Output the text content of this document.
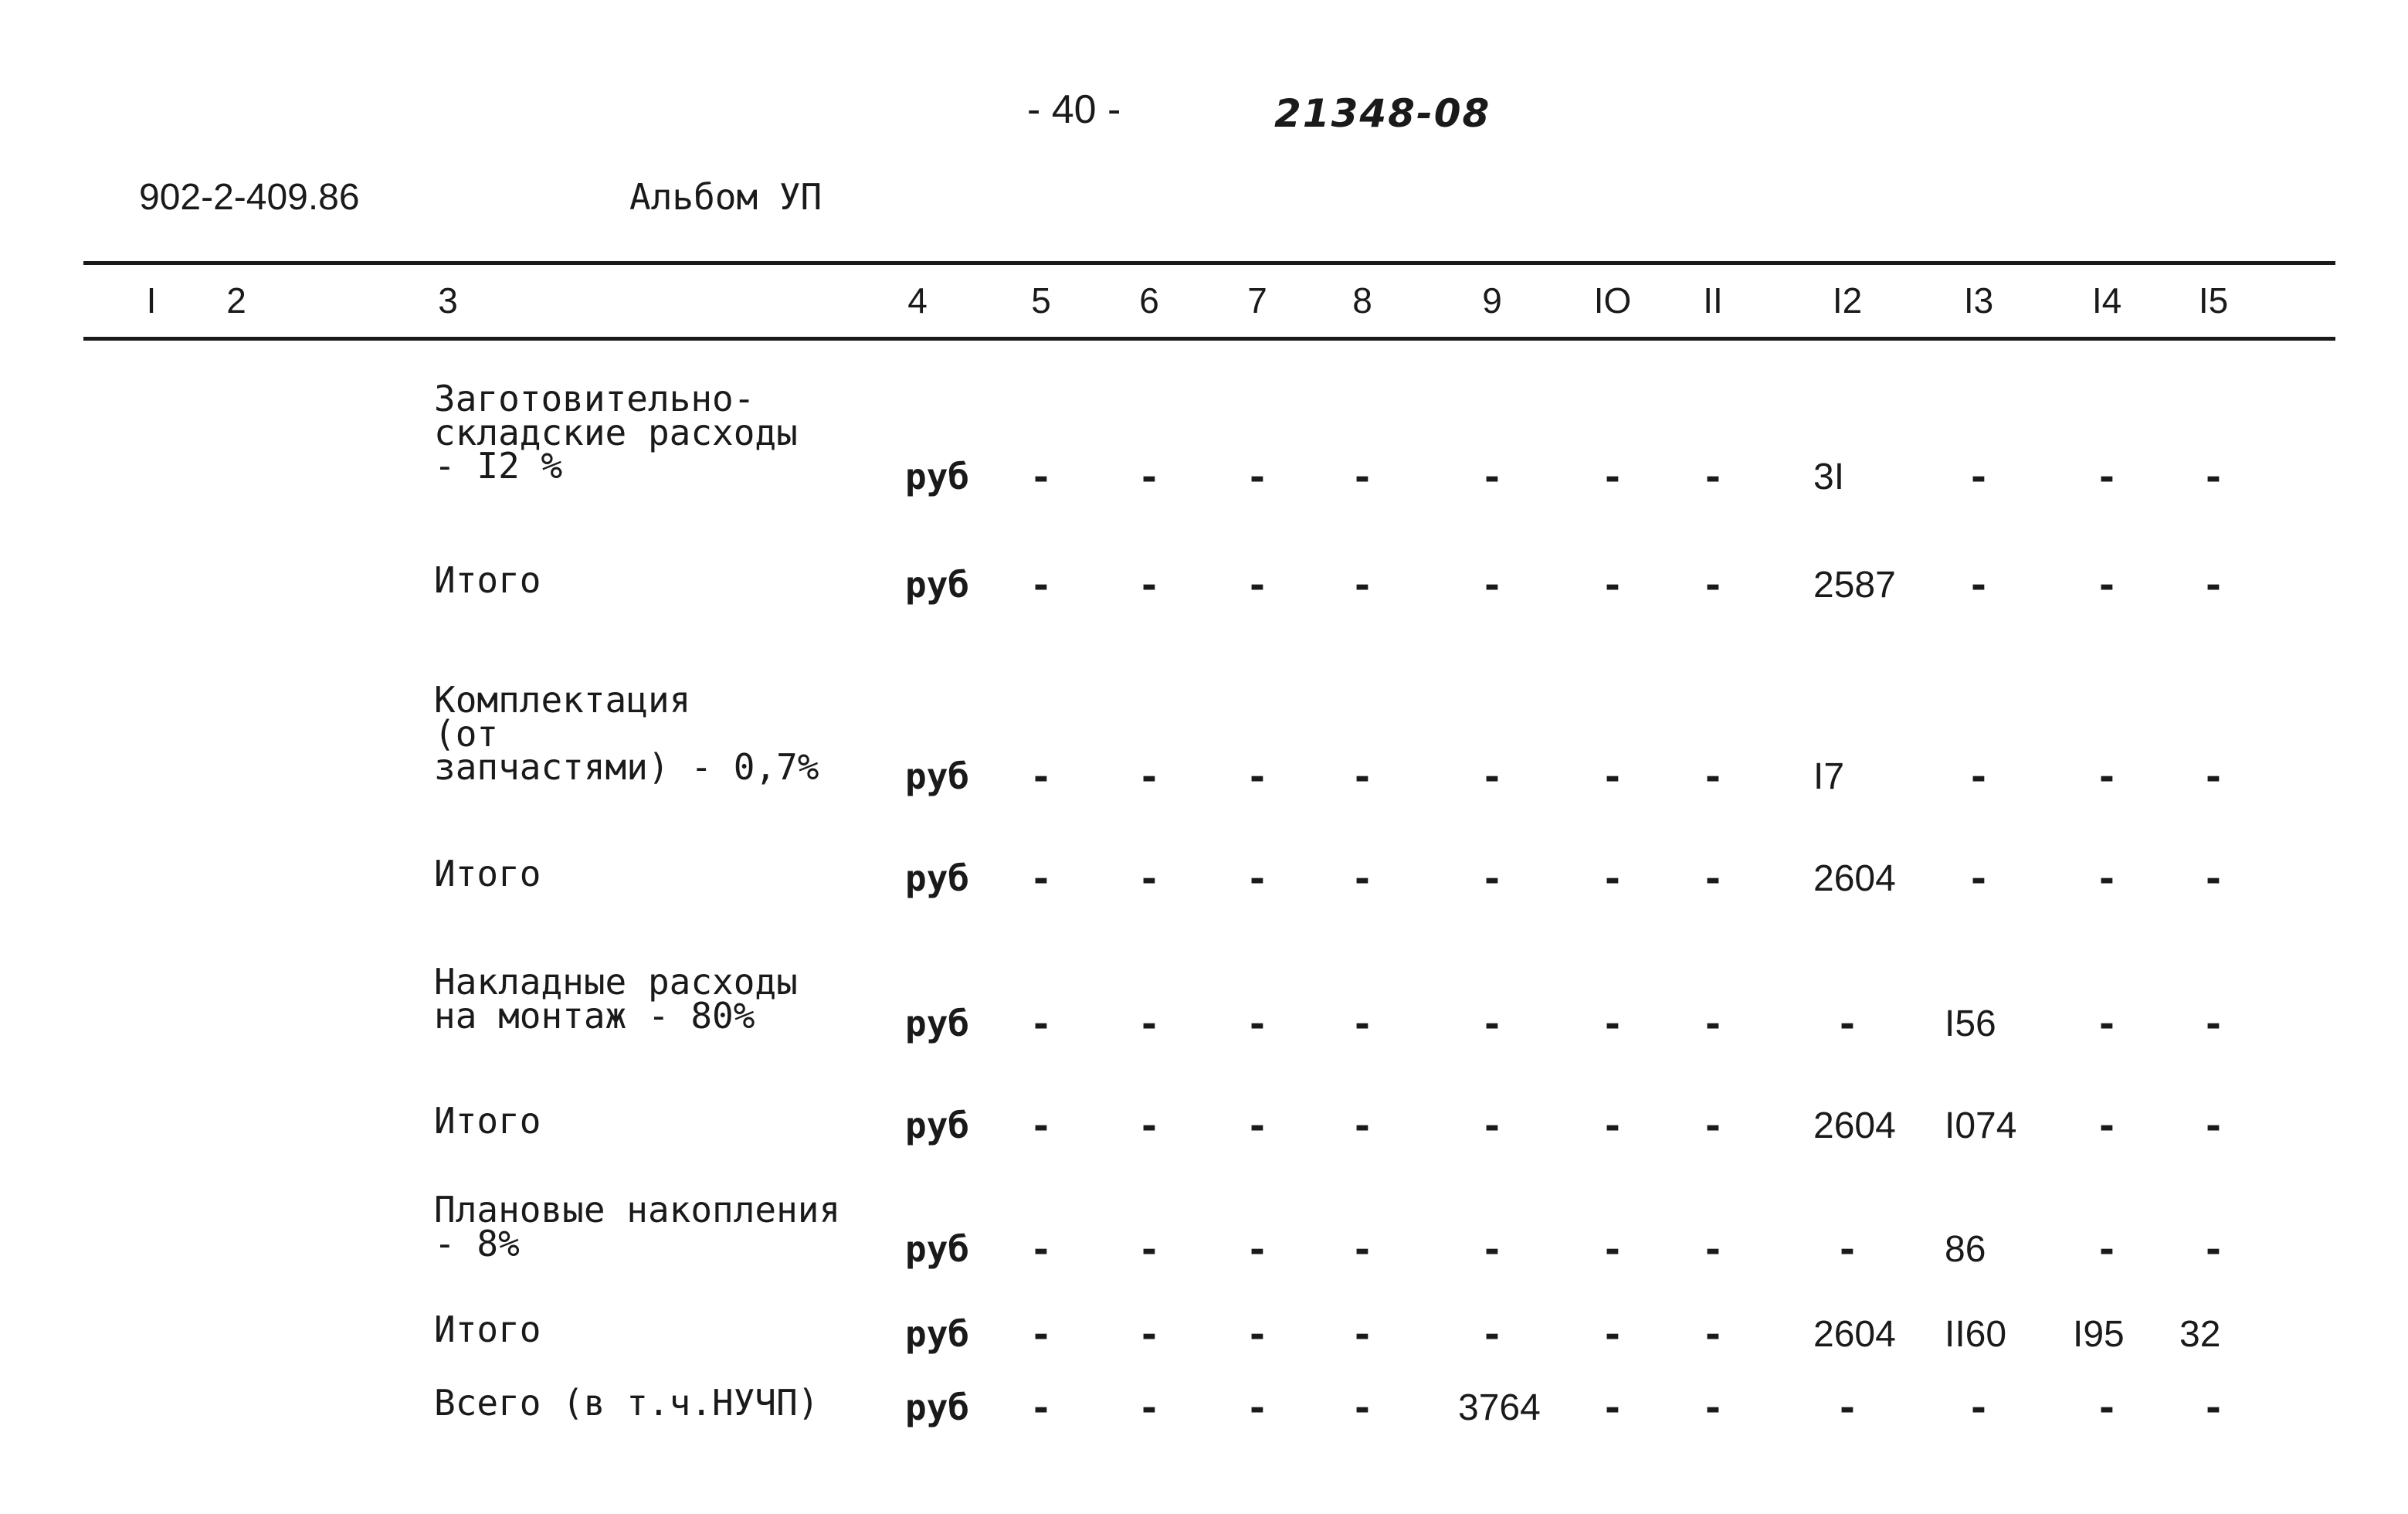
- 40 -	21348-08
902-2-409.86	Альбом УП
I 2	3	4	5 6 7 8	9	IO II	I2	I3	I4 I5
Заготовительно-
складские расходы
- I2 %	руб - - - -	-	- - 3I	-	- -
Итого	руб - - - -	-	- - 2587 -	- -
Комплектация
(от
запчастями) - 0,7% руб - - - -	-	- - I7	-	- -
Итого	руб - - - -	-	- - 2604 -	- -
Накладные расходы
на монтаж - 80%	руб - - - -	-	- -	- I56	- -
Итого	руб - - - -	-	- - 2604 I074 - -
Плановые накопления
- 8%	руб - - - -	-	- -	- 86	- -
Итого	руб - - - -	-	- - 2604 II60 I95 32
Всего (в т.ч.НУЧП) руб - - - - 3764 - -	-	-	- -
